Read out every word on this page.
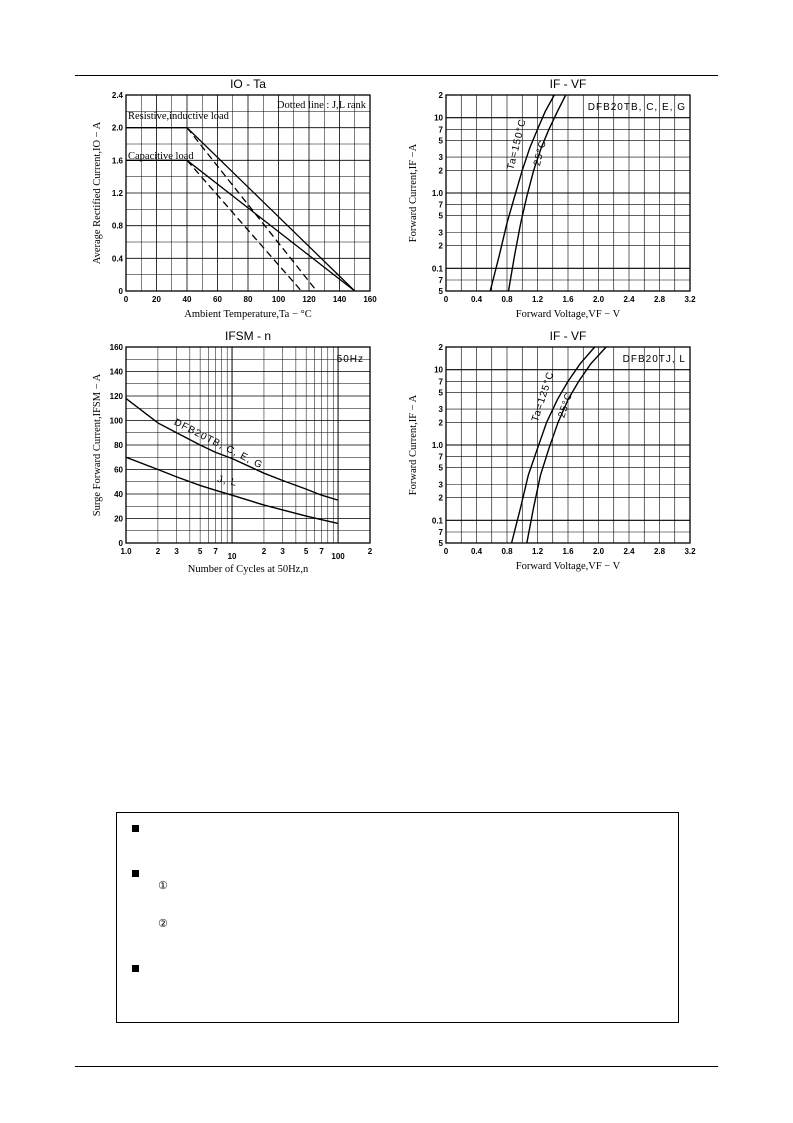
0	20	40	60	80 100 120 140 160
0
0.4
0.8
1.2
1.6
2.0
2.4
IO - Ta
Ambient Temperature,Ta − °C
Average Rectified Current,IO − A
Dotted line : J,L rank
Resistive,inductive load
Capacitive load
0	0.4 0.8 1.2 1.6 2.0 2.4 2.8 3.2
2
10
7
5
3
2
1.0
7
5
3
2
0.1
7
5
IF - VF
Forward Voltage,VF − V
Forward Current,IF −A
DFB20TB, C, E, G
Ta=150°C 25°C
1.0	2 3 5 7
10
2 3 5 7
100
2
0
20
40
60
80
100
120
140
160
IFSM - n
Number of Cycles at 50Hz,n
Surge Forward Current,IFSM − A
50Hz
DFB20TB, C, E, G
J, L
0	0.4 0.8 1.2 1.6 2.0 2.4 2.8 3.2
2
10
7
5
3
2
1.0
7
5
3
2
0.1
7
5
IF - VF
Forward Voltage,VF − V
Forward Current,IF − A
DFB20TJ, L
Ta=125°C 25°C
①
②
